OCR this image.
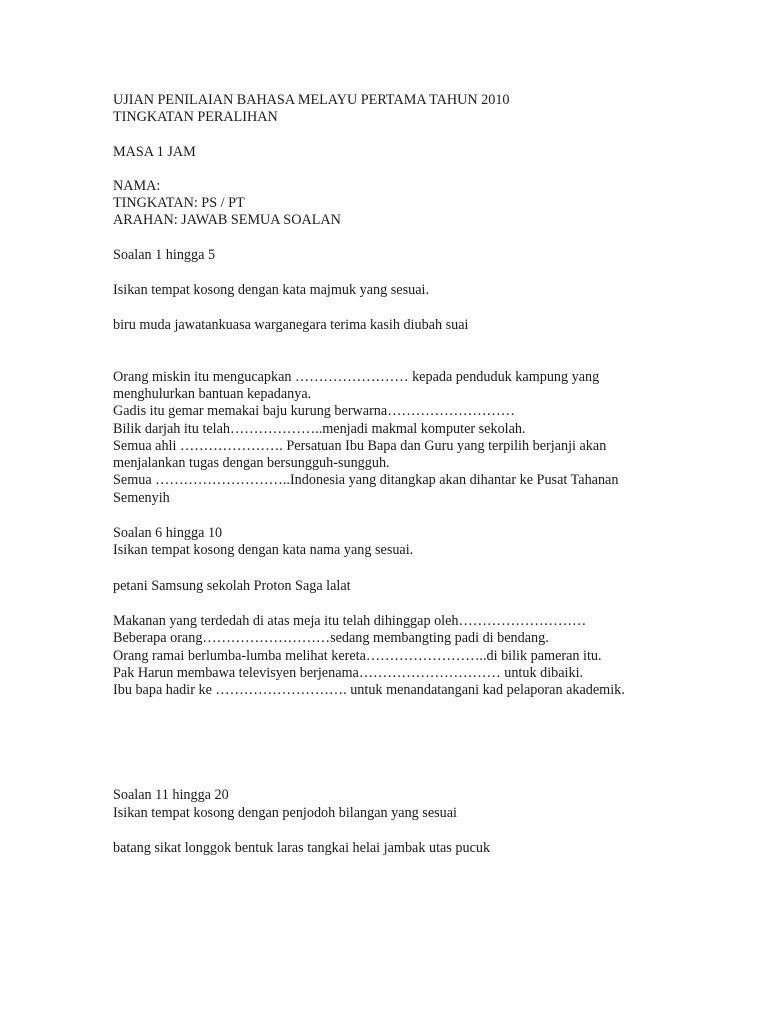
UJIAN PENILAIAN BAHASA MELAYU PERTAMA TAHUN 2010
TINGKATAN PERALIHAN
MASA 1 JAM
NAMA:
TINGKATAN: PS / PT
ARAHAN: JAWAB SEMUA SOALAN
Soalan 1 hingga 5
Isikan tempat kosong dengan kata majmuk yang sesuai.
biru muda jawatankuasa warganegara terima kasih diubah suai
Orang miskin itu mengucapkan …………………… kepada penduduk kampung yang menghulurkan bantuan kepadanya.
Gadis itu gemar memakai baju kurung berwarna………………………
Bilik darjah itu telah………………..menjadi makmal komputer sekolah.
Semua ahli …………………. Persatuan Ibu Bapa dan Guru yang terpilih berjanji akan menjalankan tugas dengan bersungguh-sungguh.
Semua ………………………..Indonesia yang ditangkap akan dihantar ke Pusat Tahanan Semenyih
Soalan 6 hingga 10
Isikan tempat kosong dengan kata nama yang sesuai.
petani Samsung sekolah Proton Saga lalat
Makanan yang terdedah di atas meja itu telah dihinggap oleh………………………
Beberapa orang………………………sedang membangting padi di bendang.
Orang ramai berlumba-lumba melihat kereta……………………..di bilik pameran itu.
Pak Harun membawa televisyen berjenama………………………… untuk dibaiki.
Ibu bapa hadir ke ………………………. untuk menandatangani kad pelaporan akademik.
Soalan 11 hingga 20
Isikan tempat kosong dengan penjodoh bilangan yang sesuai
batang sikat longgok bentuk laras tangkai helai jambak utas pucuk
